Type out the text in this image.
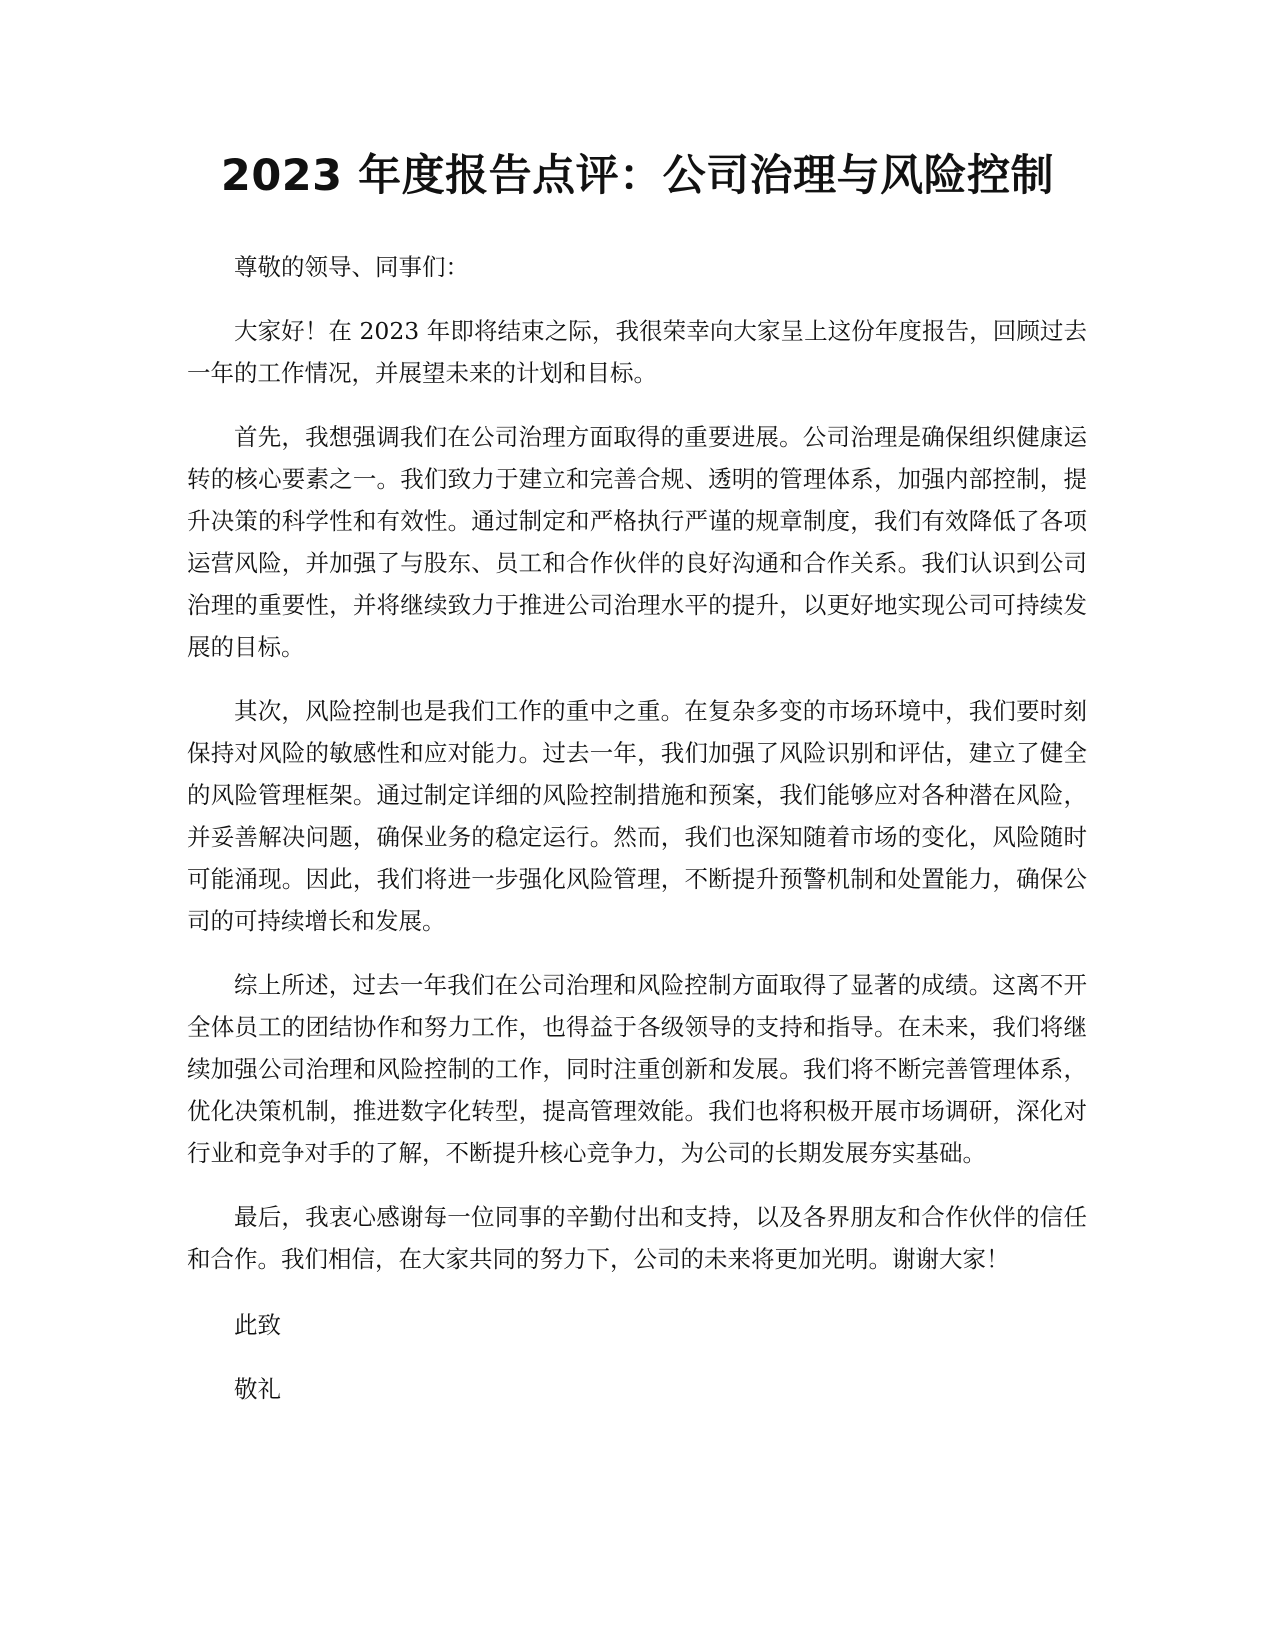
2023 年度报告点评：公司治理与风险控制

尊敬的领导、同事们：

大家好！在 2023 年即将结束之际，我很荣幸向大家呈上这份年度报告，回顾过去一年的工作情况，并展望未来的计划和目标。

首先，我想强调我们在公司治理方面取得的重要进展。公司治理是确保组织健康运转的核心要素之一。我们致力于建立和完善合规、透明的管理体系，加强内部控制，提升决策的科学性和有效性。通过制定和严格执行严谨的规章制度，我们有效降低了各项运营风险，并加强了与股东、员工和合作伙伴的良好沟通和合作关系。我们认识到公司治理的重要性，并将继续致力于推进公司治理水平的提升，以更好地实现公司可持续发展的目标。

其次，风险控制也是我们工作的重中之重。在复杂多变的市场环境中，我们要时刻保持对风险的敏感性和应对能力。过去一年，我们加强了风险识别和评估，建立了健全的风险管理框架。通过制定详细的风险控制措施和预案，我们能够应对各种潜在风险，并妥善解决问题，确保业务的稳定运行。然而，我们也深知随着市场的变化，风险随时可能涌现。因此，我们将进一步强化风险管理，不断提升预警机制和处置能力，确保公司的可持续增长和发展。

综上所述，过去一年我们在公司治理和风险控制方面取得了显著的成绩。这离不开全体员工的团结协作和努力工作，也得益于各级领导的支持和指导。在未来，我们将继续加强公司治理和风险控制的工作，同时注重创新和发展。我们将不断完善管理体系，优化决策机制，推进数字化转型，提高管理效能。我们也将积极开展市场调研，深化对行业和竞争对手的了解，不断提升核心竞争力，为公司的长期发展夯实基础。

最后，我衷心感谢每一位同事的辛勤付出和支持，以及各界朋友和合作伙伴的信任和合作。我们相信，在大家共同的努力下，公司的未来将更加光明。谢谢大家！

此致

敬礼
